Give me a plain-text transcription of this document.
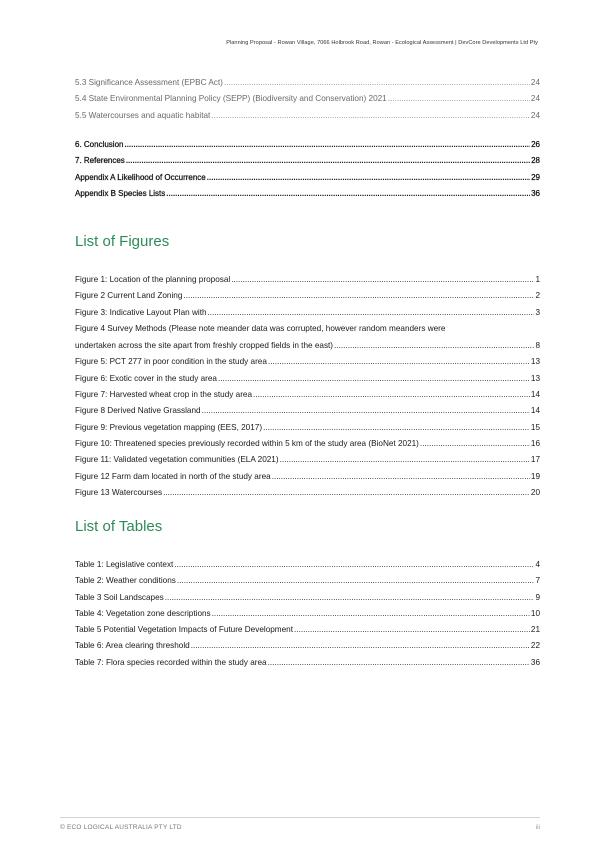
Planning Proposal - Rowan Village, 7066 Holbrook Road, Rowan - Ecological Assessment | DevCore Developments Ltd Pty
5.3 Significance Assessment (EPBC Act) .....	24
5.4 State Environmental Planning Policy (SEPP) (Biodiversity and Conservation) 2021 .....	24
5.5 Watercourses and aquatic habitat .....	24
6. Conclusion .....	26
7. References .....	28
Appendix A Likelihood of Occurrence .....	29
Appendix B Species Lists .....	36
List of Figures
Figure 1: Location of the planning proposal .....	1
Figure 2 Current Land Zoning .....	2
Figure 3: Indicative Layout Plan with .....	3
Figure 4 Survey Methods (Please note meander data was corrupted, however random meanders were
undertaken across the site apart from freshly cropped fields in the east) .....	8
Figure 5: PCT 277 in poor condition in the study area .....	13
Figure 6: Exotic cover in the study area .....	13
Figure 7: Harvested wheat crop in the study area .....	14
Figure 8 Derived Native Grassland .....	14
Figure 9: Previous vegetation mapping (EES, 2017) .....	15
Figure 10: Threatened species previously recorded within 5 km of the study area (BioNet 2021) .....	16
Figure 11: Validated vegetation communities (ELA 2021) .....	17
Figure 12 Farm dam located in north of the study area .....	19
Figure 13 Watercourses .....	20
List of Tables
Table 1: Legislative context .....	4
Table 2: Weather conditions .....	7
Table 3 Soil Landscapes .....	9
Table 4: Vegetation zone descriptions .....	10
Table 5 Potential Vegetation Impacts of Future Development .....	21
Table 6: Area clearing threshold .....	22
Table 7: Flora species recorded within the study area .....	36
© ECO LOGICAL AUSTRALIA PTY LTD	iii
